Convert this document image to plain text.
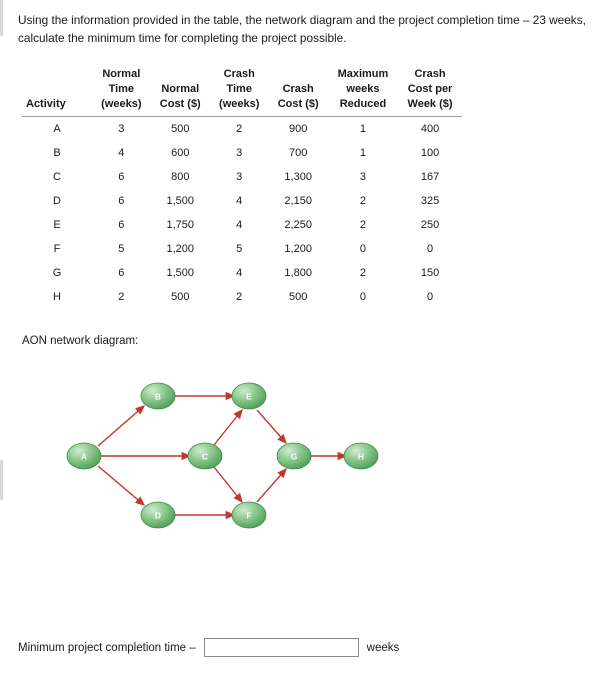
Using the information provided in the table, the network diagram and the project completion time – 23 weeks,
calculate the minimum time for completing the project possible.

Activity	Normal
Time
(weeks)	Normal
Cost ($)	Crash
Time
(weeks)	Crash
Cost ($)	Maximum
weeks
Reduced	Crash
Cost per
Week ($)
A	3	500	2	900	1	400
B	4	600	3	700	1	100
C	6	800	3	1,300	3	167
D	6	1,500	4	2,150	2	325
E	6	1,750	4	2,250	2	250
F	5	1,200	5	1,200	0	0
G	6	1,500	4	1,800	2	150
H	2	500	2	500	0	0
AON network diagram:
A
B
C
D
E
F
G	H
Minimum project completion time –	weeks
